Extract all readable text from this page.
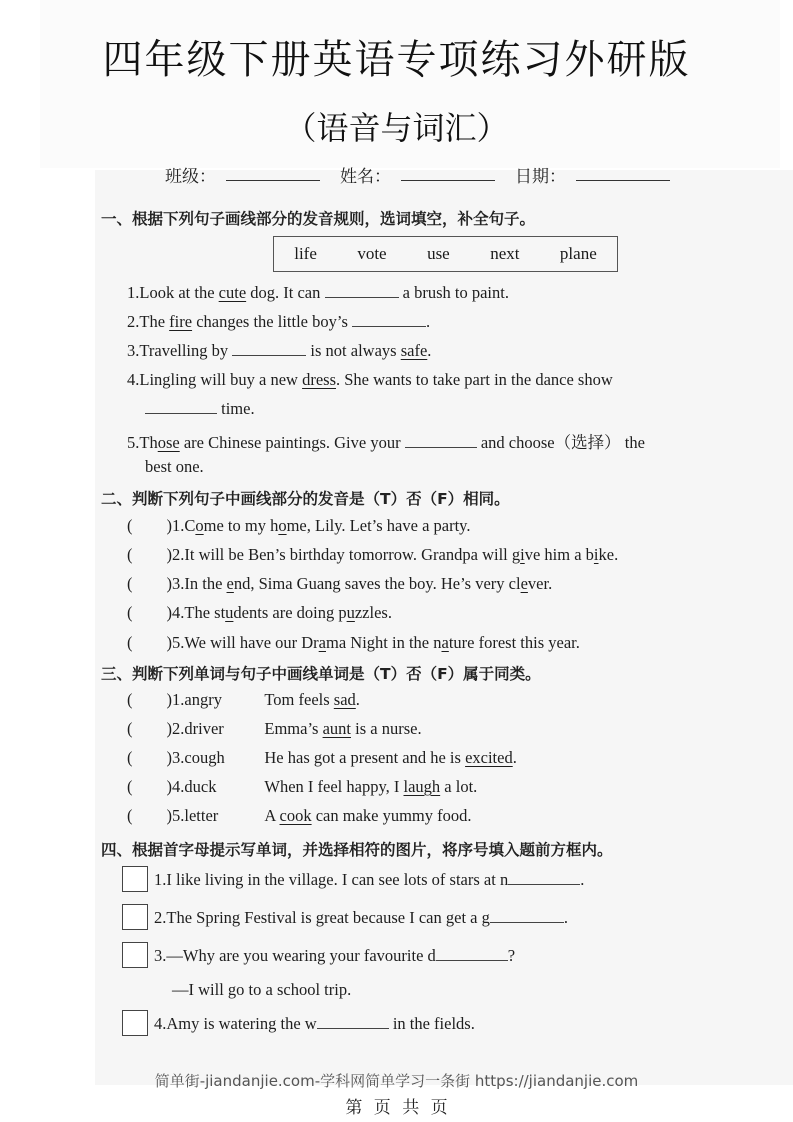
四年级下册英语专项练习外研版
（语音与词汇）
班级：	姓名：	日期：
一、根据下列句子画线部分的发音规则，选词填空，补全句子。
life vote use next plane
1.Look at the cute dog. It can	a brush to paint.
2.The fire changes the little boy’s	.
3.Travelling by	is not always safe.
4.Lingling will buy a new dress. She wants to take part in the dance show
time.
5.Those are Chinese paintings. Give your	and choose（选择） the
best one.
二、判断下列句子中画线部分的发音是（T）否（F）相同。
( )1.Come to my home, Lily. Let’s have a party.
( )2.It will be Ben’s birthday tomorrow. Grandpa will give him a bike.
( )3.In the end, Sima Guang saves the boy. He’s very clever.
( )4.The students are doing puzzles.
( )5.We will have our Drama Night in the nature forest this year.
三、判断下列单词与句子中画线单词是（T）否（F）属于同类。
( )1.angry	Tom feels sad.
( )2.driver Emma’s aunt is a nurse.
( )3.cough He has got a present and he is excited.
( )4.duck	When I feel happy, I laugh a lot.
( )5.letter	A cook can make yummy food.
四、根据首字母提示写单词，并选择相符的图片，将序号填入题前方框内。
1.I like living in the village. I can see lots of stars at n	.
2.The Spring Festival is great because I can get a g	.
3.—Why are you wearing your favourite d	?
—I will go to a school trip.
4.Amy is watering the w	in the fields.
简单街-jiandanjie.com-学科网简单学习一条街 https://jiandanjie.com
第 页 共 页
